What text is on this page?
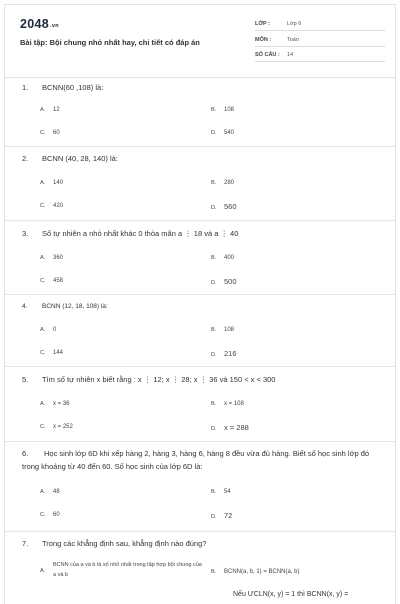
2048.vn
Bài tập: Bội chung nhỏ nhất hay, chi tiết có đáp án
LỚP :	Lớp 6
MÔN :	Toán
SỐ CÂU : 14
1. BCNN(60 ,108) là:
A. 12	B. 108
C. 60	D. 540
2. BCNN (40, 28, 140) là:
A. 140	B. 280
C. 420	D. 560
3. Số tự nhiên a nhỏ nhất khác 0 thỏa mãn a ⋮ 18 và a ⋮ 40
A. 360	B. 400
C. 458	D. 500
4. BCNN (12, 18, 108) là:
A. 0	B. 108
C. 144	D. 216
5. Tìm số tự nhiên x biết rằng : x ⋮ 12; x ⋮ 28; x ⋮ 36 và 150 < x < 300
A. x = 36	B. x = 108
C. x = 252	D. x = 288
6. Học sinh lớp 6D khi xếp hàng 2, hàng 3, hàng 6, hàng 8 đều vừa đủ hàng. Biết số học sinh lớp đó trong khoảng từ 40 đến 60. Số học sinh của lớp 6D là:
A. 48	B. 54
C. 60	D. 72
7. Trong các khẳng định sau, khẳng định nào đúng?
A.BCNN của a và b là số nhỏ nhất trong tập hợp bội chung của a và b	B. BCNN(a, b, 1) = BCNN(a, b)
Nếu ƯCLN(x, y) = 1 thì BCNN(x, y) =
